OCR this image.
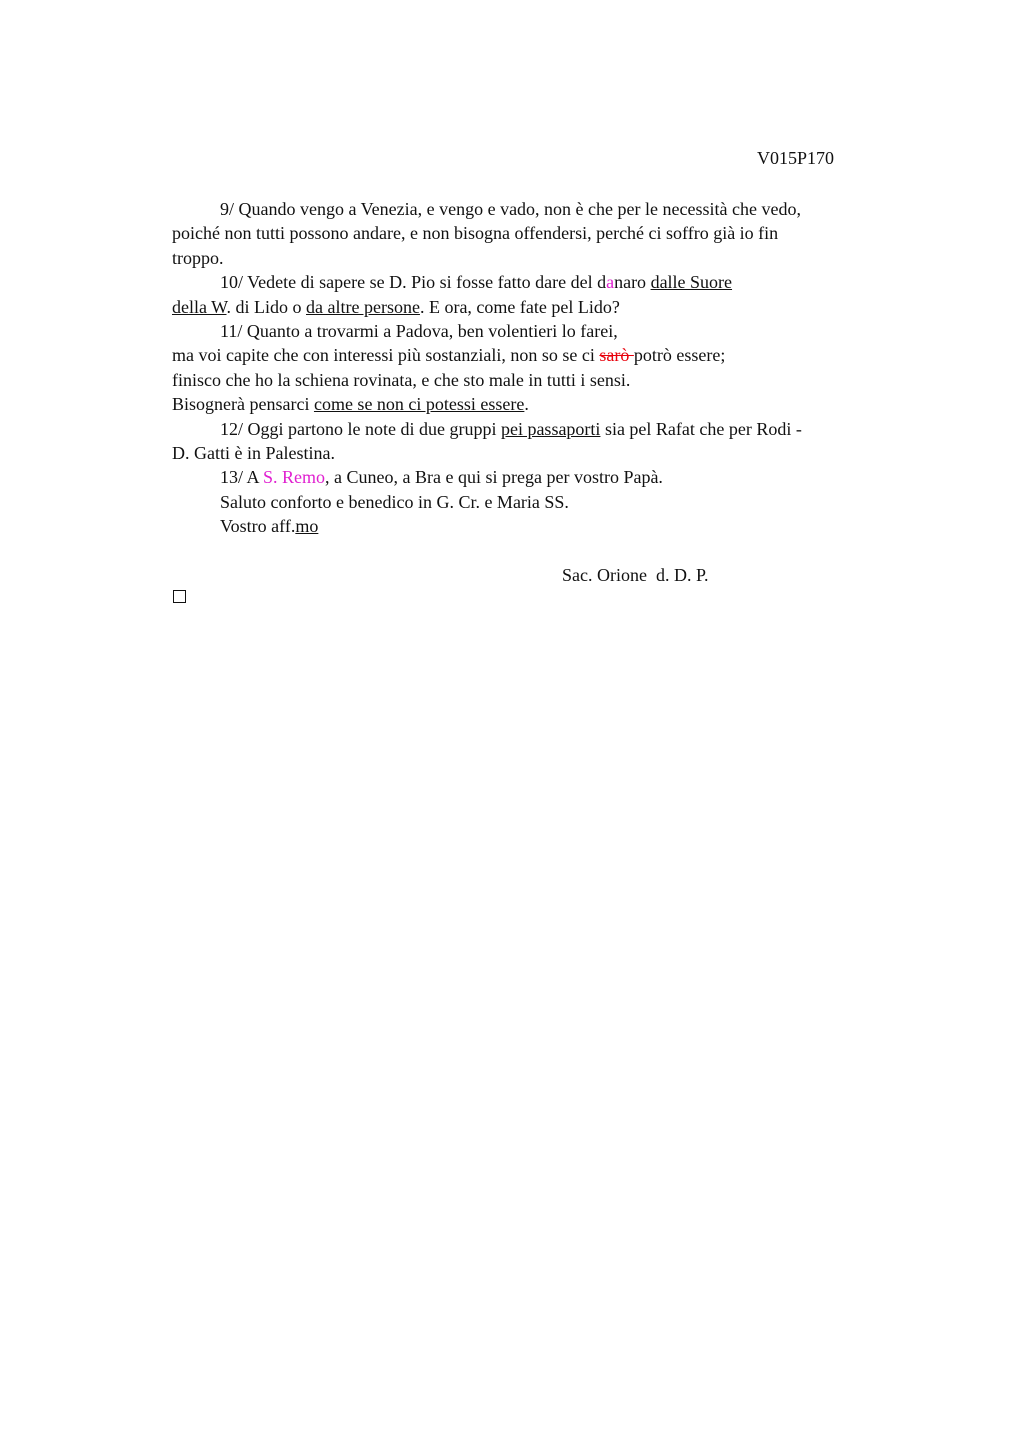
V015P170
9/ Quando vengo a Venezia, e vengo e vado, non è che per le necessità che vedo,
poiché non tutti possono andare, e non bisogna offendersi, perché ci soffro già io fin
troppo.
10/ Vedete di sapere se D. Pio si fosse fatto dare del danaro dalle Suore
della W. di Lido o da altre persone. E ora, come fate pel Lido?
11/ Quanto a trovarmi a Padova, ben volentieri lo farei,
ma voi capite che con interessi più sostanziali, non so se ci sarò potrò essere;
finisco che ho la schiena rovinata, e che sto male in tutti i sensi.
Bisognerà pensarci come se non ci potessi essere.
12/ Oggi partono le note di due gruppi pei passaporti sia pel Rafat che per Rodi -
D. Gatti è in Palestina.
13/ A S. Remo, a Cuneo, a Bra e qui si prega per vostro Papà.
Saluto conforto e benedico in G. Cr. e Maria SS.
Vostro aff.mo
Sac. Orione  d. D. P.
